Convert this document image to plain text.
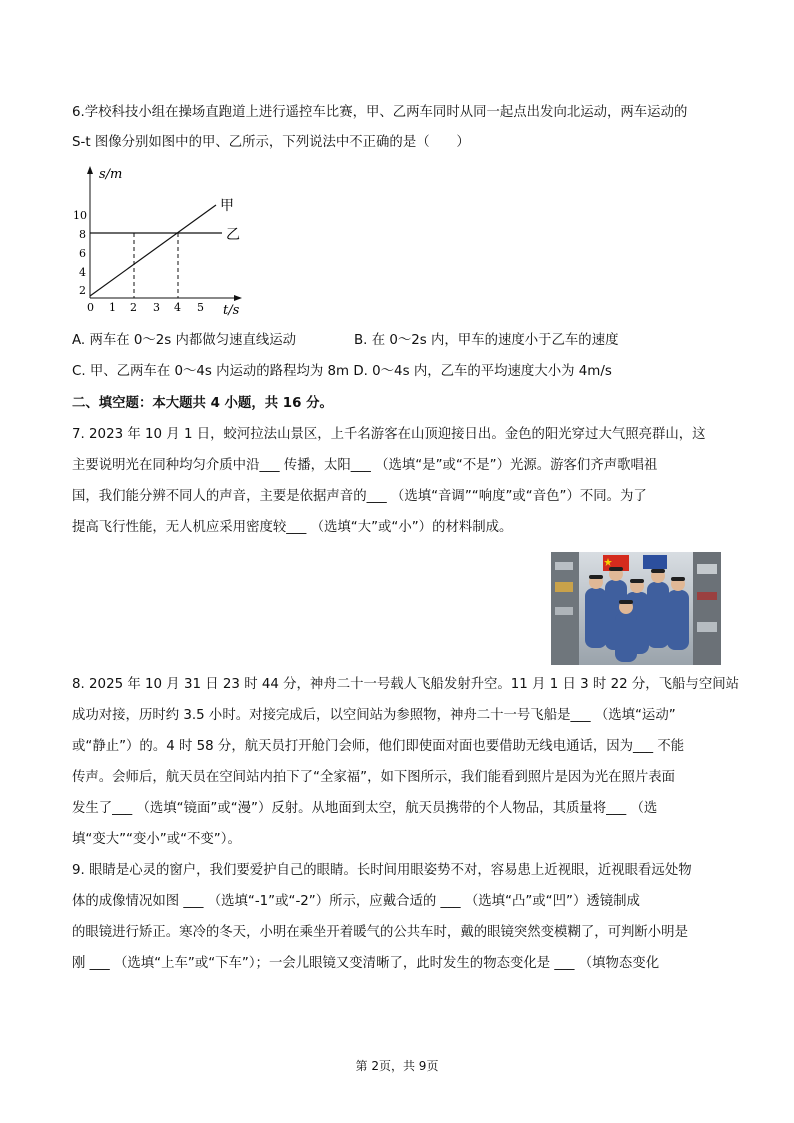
6.学校科技小组在操场直跑道上进行遥控车比赛，甲、乙两车同时从同一起点出发向北运动，两车运动的
S-t 图像分别如图中的甲、乙所示，下列说法中不正确的是（　　）
s/m
t/s
2
4
6
8
10
0 1 2 3 4 5
甲
乙
A. 两车在 0～2s 内都做匀速直线运动	B. 在 0～2s 内，甲车的速度小于乙车的速度
C. 甲、乙两车在 0～4s 内运动的路程均为 8m D. 0～4s 内，乙车的平均速度大小为 4m/s
二、填空题：本大题共 4 小题，共 16 分。
7. 2023 年 10 月 1 日，蛟河拉法山景区，上千名游客在山顶迎接日出。金色的阳光穿过大气照亮群山，这
主要说明光在同种均匀介质中沿___ 传播，太阳___ （选填“是”或“不是”）光源。游客们齐声歌唱祖
国，我们能分辨不同人的声音，主要是依据声音的___ （选填“音调”“响度”或“音色”）不同。为了
提高飞行性能，无人机应采用密度较___ （选填“大”或“小”）的材料制成。
8. 2025 年 10 月 31 日 23 时 44 分，神舟二十一号载人飞船发射升空。11 月 1 日 3 时 22 分，飞船与空间站
成功对接，历时约 3.5 小时。对接完成后，以空间站为参照物，神舟二十一号飞船是___ （选填“运动”
或“静止”）的。4 时 58 分，航天员打开舱门会师，他们即使面对面也要借助无线电通话，因为___ 不能
传声。会师后，航天员在空间站内拍下了“全家福”，如下图所示，我们能看到照片是因为光在照片表面
发生了___ （选填“镜面”或“漫”）反射。从地面到太空，航天员携带的个人物品，其质量将___ （选
填“变大”“变小”或“不变”）。
9. 眼睛是心灵的窗户，我们要爱护自己的眼睛。长时间用眼姿势不对，容易患上近视眼，近视眼看远处物
体的成像情况如图 ___ （选填“-1”或“-2”）所示，应戴合适的 ___ （选填“凸”或“凹”）透镜制成
的眼镜进行矫正。寒冷的冬天，小明在乘坐开着暖气的公共车时，戴的眼镜突然变模糊了，可判断小明是
刚 ___ （选填“上车”或“下车”）；一会儿眼镜又变清晰了，此时发生的物态变化是 ___ （填物态变化
第 2页，共 9页
